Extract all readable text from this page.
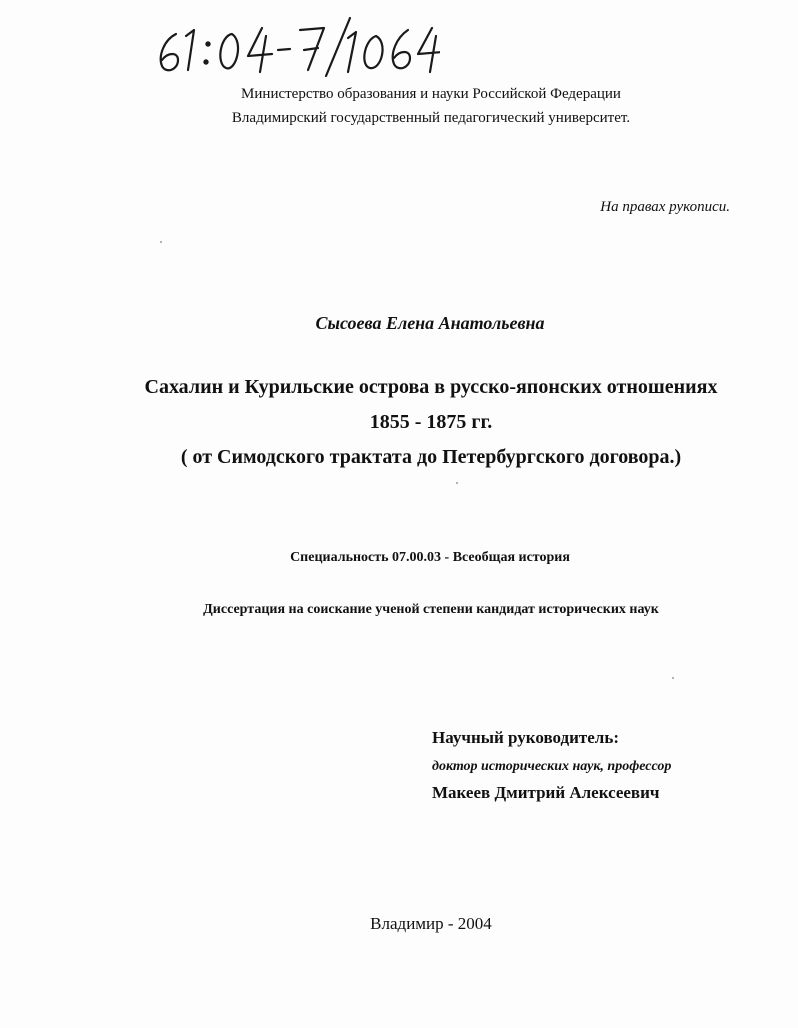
Министерство образования и науки Российской Федерации
Владимирский государственный педагогический университет.
На правах рукописи.
Сысоева Елена Анатольевна
Сахалин и Курильские острова в русско-японских отношениях
1855 - 1875 гг.
( от Симодского трактата до Петербургского договора.)
Специальность 07.00.03 - Всеобщая история
Диссертация на соискание ученой степени кандидат исторических наук
Научный руководитель:
доктор исторических наук, профессор
Макеев Дмитрий Алексеевич
Владимир - 2004
